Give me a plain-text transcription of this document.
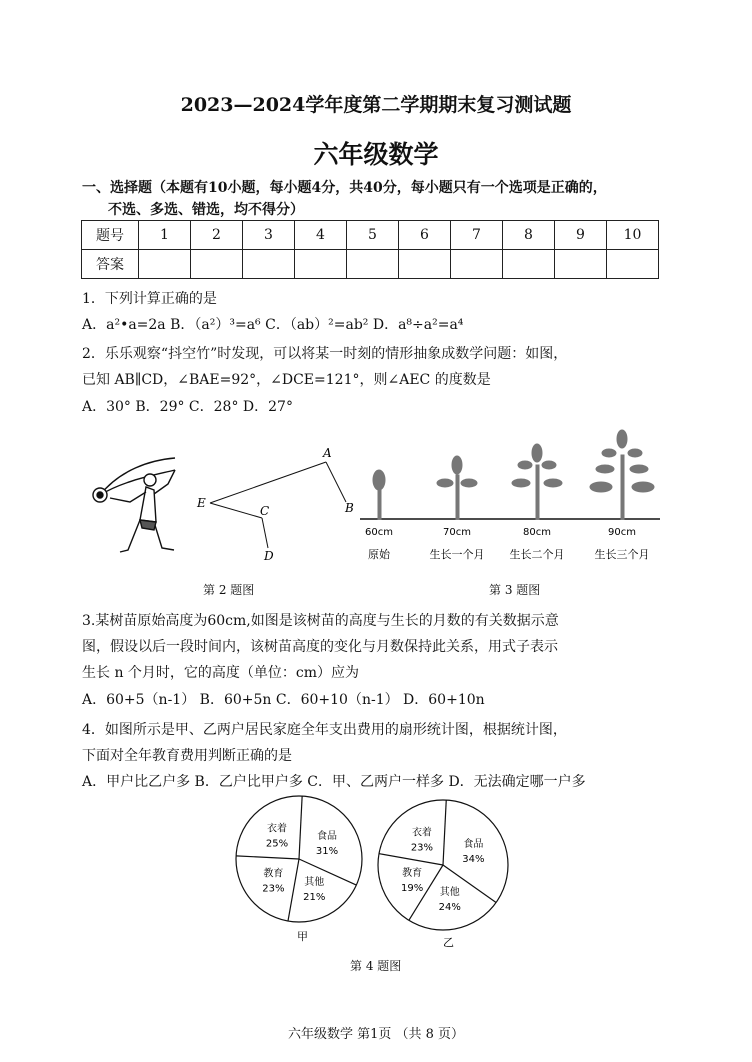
2023—2024学年度第二学期期末复习测试题
六年级数学
一、选择题（本题有10小题，每小题4分，共40分，每小题只有一个选项是正确的，
不选、多选、错选，均不得分）
题号	1	2	3	4	5	6	7	8	9	10
答案										
1．下列计算正确的是
A．a²•a=2a B．（a²）³=a⁶ C．（ab）²=ab² D．a⁸÷a²=a⁴
2．乐乐观察“抖空竹”时发现，可以将某一时刻的情形抽象成数学问题：如图，
已知 AB∥CD，∠BAE=92°，∠DCE=121°，则∠AEC 的度数是
A．30° B．29° C．28° D．27°
E
A
B
C
D
60cm	70cm	80cm	90cm
原始	生长一个月 生长二个月	生长三个月
第 2 题图	第 3 题图
3.某树苗原始高度为60cm,如图是该树苗的高度与生长的月数的有关数据示意
图，假设以后一段时间内，该树苗高度的变化与月数保持此关系，用式子表示
生长 n 个月时，它的高度（单位：cm）应为
A．60+5（n-1） B．60+5n C．60+10（n-1） D．60+10n
4．如图所示是甲、乙两户居民家庭全年支出费用的扇形统计图，根据统计图，
下面对全年教育费用判断正确的是
A．甲户比乙户多 B．乙户比甲户多 C．甲、乙两户一样多 D．无法确定哪一户多
食品
31%
其他
21%
教育
23%
衣着
25%	食品
34%
其他
24%
教育
19%
衣着
23%
甲	乙
第 4 题图
六年级数学 第1页 （共 8 页）
